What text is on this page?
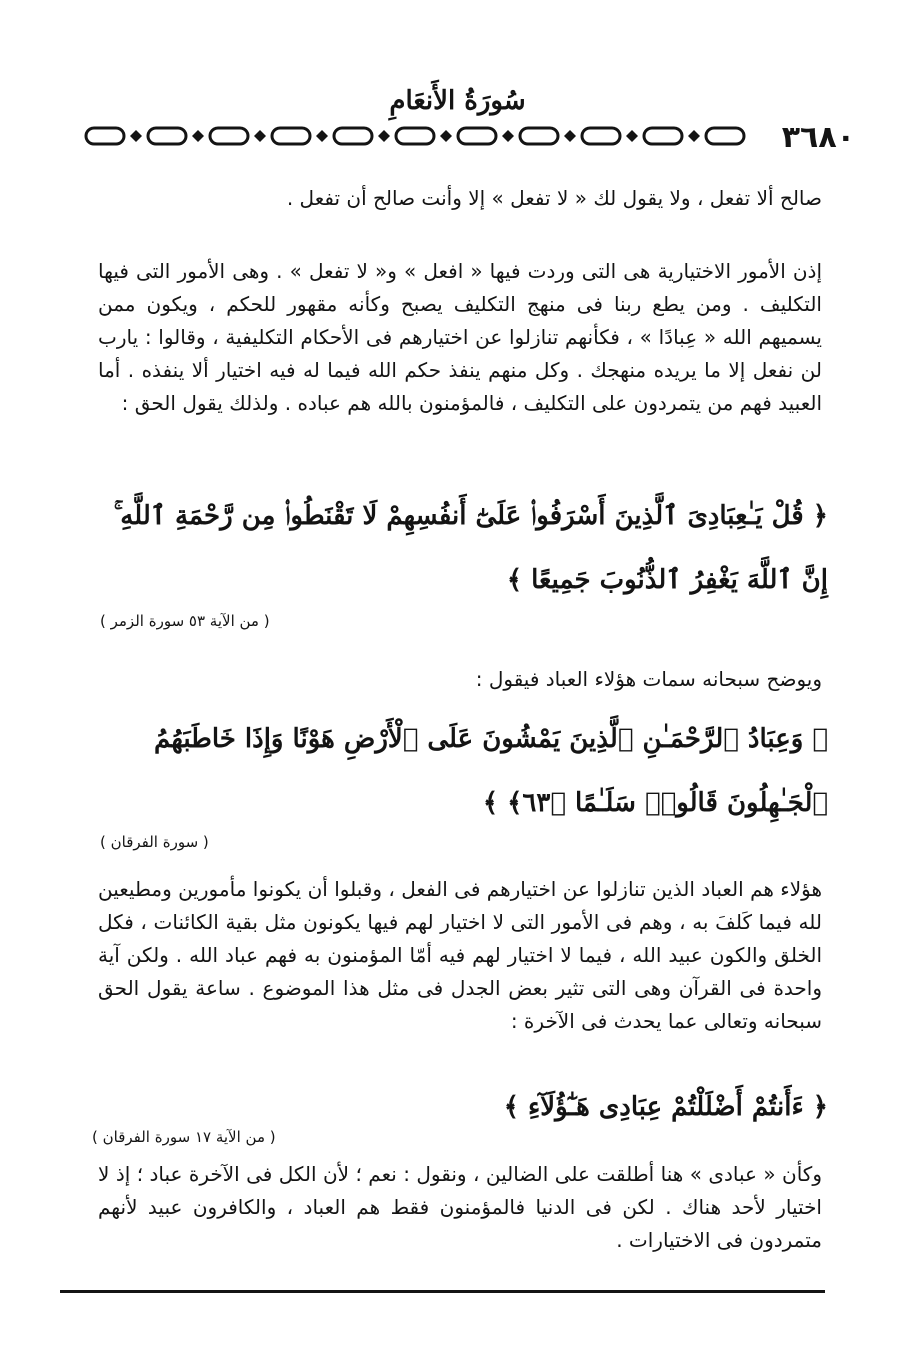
سُورَةُ الأَنعَامِ
٣٦٨٠
صالح ألا تفعل ، ولا يقول لك « لا تفعل » إلا وأنت صالح أن تفعل .
إذن الأمور الاختيارية هى التى وردت فيها « افعل » و« لا تفعل » . وهى الأمور التى فيها التكليف . ومن يطع ربنا فى منهج التكليف يصبح وكأنه مقهور للحكم ، ويكون ممن يسميهم الله « عِبادًا » ، فكأنهم تنازلوا عن اختيارهم فى الأحكام التكليفية ، وقالوا : يارب لن نفعل إلا ما يريده منهجك . وكل منهم ينفذ حكم الله فيما له فيه اختيار ألا ينفذه . أما العبيد فهم من يتمردون على التكليف ، فالمؤمنون بالله هم عباده . ولذلك يقول الحق :
﴿ قُلْ يَـٰعِبَادِىَ ٱلَّذِينَ أَسْرَفُوا۟ عَلَىٰٓ أَنفُسِهِمْ لَا تَقْنَطُوا۟ مِن رَّحْمَةِ ٱللَّهِ ۚ إِنَّ ٱللَّهَ يَغْفِرُ ٱلذُّنُوبَ جَمِيعًا ﴾
( من الآية ٥٣ سورة الزمر )
ويوضح سبحانه سمات هؤلاء العباد فيقول :
﴿ وَعِبَادُ ٱلرَّحْمَـٰنِ ٱلَّذِينَ يَمْشُونَ عَلَى ٱلْأَرْضِ هَوْنًا وَإِذَا خَاطَبَهُمُ ٱلْجَـٰهِلُونَ قَالُوا۟ سَلَـٰمًا ﴿٦٣﴾ ﴾
( سورة الفرقان )
هؤلاء هم العباد الذين تنازلوا عن اختيارهم فى الفعل ، وقبلوا أن يكونوا مأمورين ومطيعين لله فيما كَلفَ به ، وهم فى الأمور التى لا اختيار لهم فيها يكونون مثل بقية الكائنات ، فكل الخلق والكون عبيد الله ، فيما لا اختيار لهم فيه أمّا المؤمنون به فهم عباد الله . ولكن آية واحدة فى القرآن وهى التى تثير بعض الجدل فى مثل هذا الموضوع . ساعة يقول الحق سبحانه وتعالى عما يحدث فى الآخرة :
﴿ ءَأَنتُمْ أَضْلَلْتُمْ عِبَادِى هَـٰٓؤُلَآءِ ﴾
( من الآية ١٧ سورة الفرقان )
وكأن « عبادى » هنا أطلقت على الضالين ، ونقول : نعم ؛ لأن الكل فى الآخرة عباد ؛ إذ لا اختيار لأحد هناك . لكن فى الدنيا فالمؤمنون فقط هم العباد ، والكافرون عبيد لأنهم متمردون فى الاختيارات .
